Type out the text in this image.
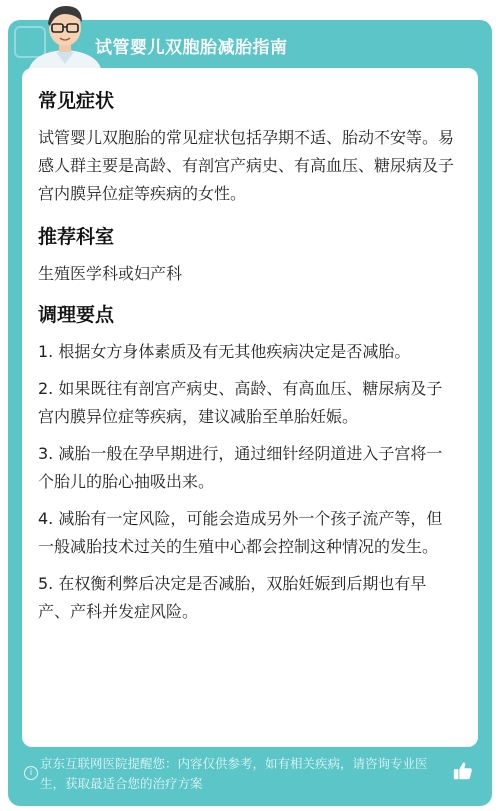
试管婴儿双胞胎减胎指南

常见症状

试管婴儿双胞胎的常见症状包括孕期不适、胎动不安等。易感人群主要是高龄、有剖宫产病史、有高血压、糖尿病及子宫内膜异位症等疾病的女性。

推荐科室

生殖医学科或妇产科

调理要点

1. 根据女方身体素质及有无其他疾病决定是否减胎。

2. 如果既往有剖宫产病史、高龄、有高血压、糖尿病及子宫内膜异位症等疾病，建议减胎至单胎妊娠。

3. 减胎一般在孕早期进行，通过细针经阴道进入子宫将一个胎儿的胎心抽吸出来。

4. 减胎有一定风险，可能会造成另外一个孩子流产等，但一般减胎技术过关的生殖中心都会控制这种情况的发生。

5. 在权衡利弊后决定是否减胎，双胎妊娠到后期也有早产、产科并发症风险。

i
京东互联网医院提醒您：内容仅供参考，如有相关疾病，请咨询专业医生，获取最适合您的治疗方案
